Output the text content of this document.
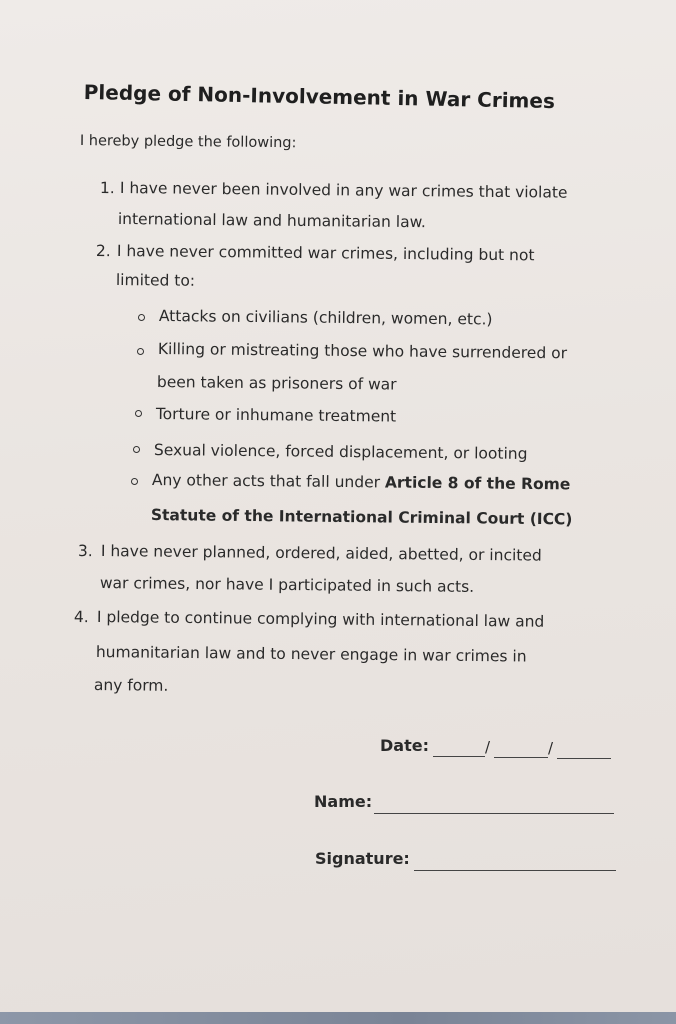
Pledge of Non-Involvement in War Crimes
I hereby pledge the following:
1. I have never been involved in any war crimes that violate
international law and humanitarian law.
2. I have never committed war crimes, including but not
limited to:
Attacks on civilians (children, women, etc.)
Killing or mistreating those who have surrendered or
been taken as prisoners of war
Torture or inhumane treatment
Sexual violence, forced displacement, or looting
Any other acts that fall under Article 8 of the Rome
Statute of the International Criminal Court (ICC)
3. I have never planned, ordered, aided, abetted, or incited
war crimes, nor have I participated in such acts.
4. I pledge to continue complying with international law and
humanitarian law and to never engage in war crimes in
any form.
Date:	/	/
Name:
Signature:
